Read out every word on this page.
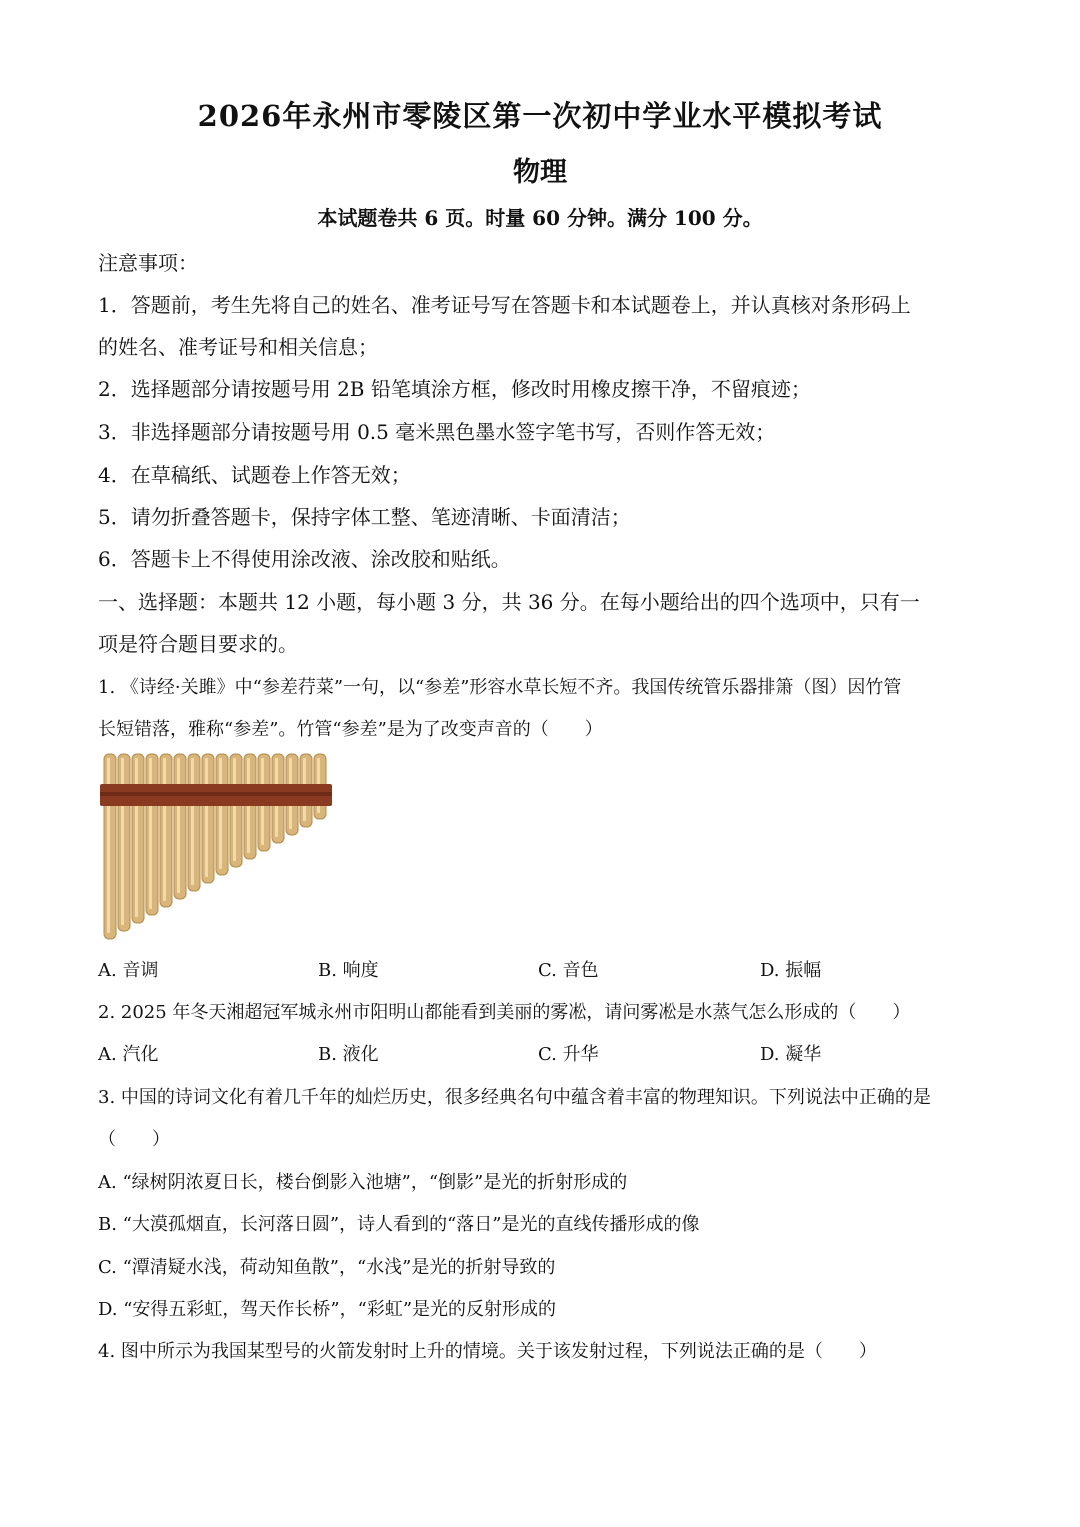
2026年永州市零陵区第一次初中学业水平模拟考试
物理
本试题卷共 6 页。时量 60 分钟。满分 100 分。
注意事项：
1．答题前，考生先将自己的姓名、准考证号写在答题卡和本试题卷上，并认真核对条形码上
的姓名、准考证号和相关信息；
2．选择题部分请按题号用 2B 铅笔填涂方框，修改时用橡皮擦干净，不留痕迹；
3．非选择题部分请按题号用 0.5 毫米黑色墨水签字笔书写，否则作答无效；
4．在草稿纸、试题卷上作答无效；
5．请勿折叠答题卡，保持字体工整、笔迹清晰、卡面清洁；
6．答题卡上不得使用涂改液、涂改胶和贴纸。
一、选择题：本题共 12 小题，每小题 3 分，共 36 分。在每小题给出的四个选项中，只有一
项是符合题目要求的。
1. 《诗经·关雎》中“参差荇菜”一句，以“参差”形容水草长短不齐。我国传统管乐器排箫（图）因竹管
长短错落，雅称“参差”。竹管“参差”是为了改变声音的（　　）
A. 音调	B. 响度	C. 音色	D. 振幅
2. 2025 年冬天湘超冠军城永州市阳明山都能看到美丽的雾凇，请问雾凇是水蒸气怎么形成的（　　）
A. 汽化	B. 液化	C. 升华	D. 凝华
3. 中国的诗词文化有着几千年的灿烂历史，很多经典名句中蕴含着丰富的物理知识。下列说法中正确的是
（　　）
A. “绿树阴浓夏日长，楼台倒影入池塘”，“倒影”是光的折射形成的
B. “大漠孤烟直，长河落日圆”，诗人看到的“落日”是光的直线传播形成的像
C. “潭清疑水浅，荷动知鱼散”，“水浅”是光的折射导致的
D. “安得五彩虹，驾天作长桥”，“彩虹”是光的反射形成的
4. 图中所示为我国某型号的火箭发射时上升的情境。关于该发射过程，下列说法正确的是（　　）
